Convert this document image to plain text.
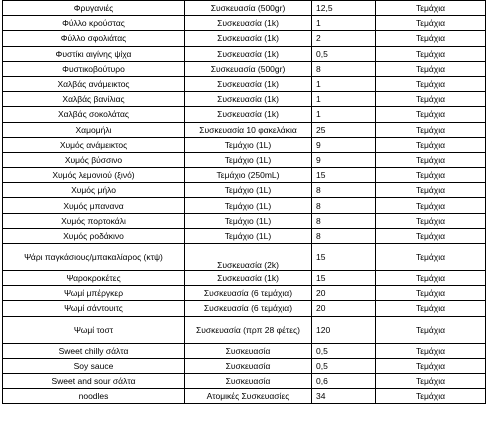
Φρυγανιές	Συσκευασία (500gr)	12,5	Τεμάχια
Φύλλο κρούστας	Συσκευασία (1k)	1	Τεμάχια
Φύλλο σφολιάτας	Συσκευασία (1k)	2	Τεμάχια
Φυστίκι αιγίνης ψίχα	Συσκευασία (1k)	0,5	Τεμάχια
Φυστικοβούτυρο	Συσκευασία (500gr)	8	Τεμάχια
Χαλβάς ανάμεικτος	Συσκευασία (1k)	1	Τεμάχια
Χαλβάς βανίλιας	Συσκευασία (1k)	1	Τεμάχια
Χαλβάς σοκολάτας	Συσκευασία (1k)	1	Τεμάχια
Χαμομήλι	Συσκευασία 10 φακελάκια	25	Τεμάχια
Χυμός ανάμεικτος	Τεμάχιο (1L)	9	Τεμάχια
Χυμός βύσσινο	Τεμάχιο (1L)	9	Τεμάχια
Χυμός λεμονιού (ξινό)	Τεμάχιο (250mL)	15	Τεμάχια
Χυμός μήλο	Τεμάχιο (1L)	8	Τεμάχια
Χυμός μπανανα	Τεμάχιο (1L)	8	Τεμάχια
Χυμός πορτοκάλι	Τεμάχιο (1L)	8	Τεμάχια
Χυμός ροδάκινο	Τεμάχιο (1L)	8	Τεμάχια
Ψάρι παγκάσιους/μπακαλίαρος (κτψ)	Συσκευασία (2k)	15	Τεμάχια
Ψαροκροκέτες	Συσκευασία (1k)	15	Τεμάχια
Ψωμί μπέργκερ	Συσκευασία (6 τεμάχια)	20	Τεμάχια
Ψωμί σάντουιτς	Συσκευασία (6 τεμάχια)	20	Τεμάχια
Ψωμί τοστ	Συσκευασία (πρπ 28 φέτες)	120	Τεμάχια
Sweet chilly σάλτα	Συσκευασία	0,5	Τεμάχια
Soy sauce	Συσκευασία	0,5	Τεμάχια
Sweet and sour σάλτα	Συσκευασία	0,6	Τεμάχια
noodles	Ατομικές Συσκευασίες	34	Τεμάχια
